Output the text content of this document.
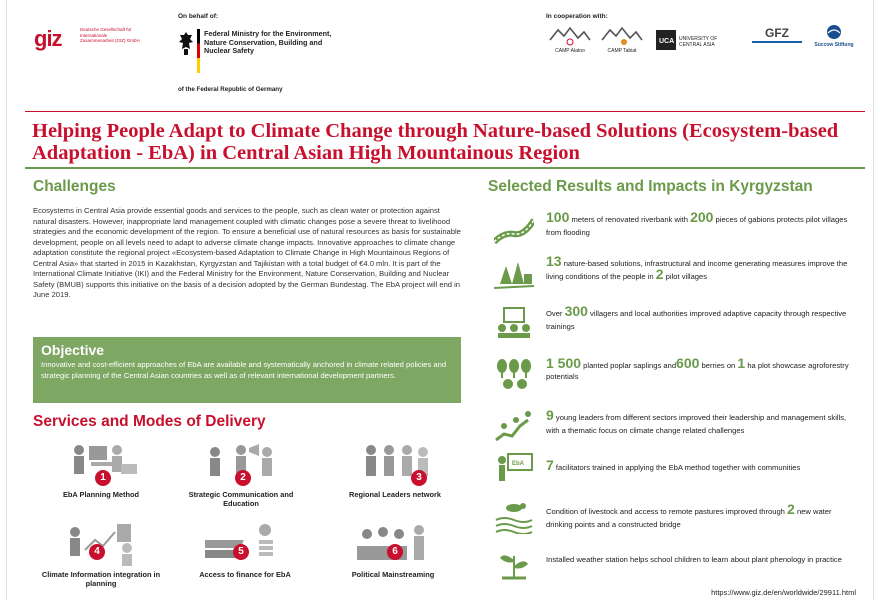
giz	Deutsche Gesellschaft für Internationale Zusammenarbeit (GIZ) GmbH
On behalf of:
Federal Ministry for the Environment, Nature Conservation, Building and Nuclear Safety
of the Federal Republic of Germany
In cooperation with:
CAMP Alatoo	CAMP Tabiat
UCA UNIVERSITY OF CENTRAL ASIA
GFZ
Succow Stiftung
Helping People Adapt to Climate Change through Nature-based Solutions (Ecosystem-based Adaptation - EbA) in Central Asian High Mountainous Region
Challenges
Ecosystems in Central Asia provide essential goods and services to the people, such as clean water or protection against natural disasters. However, inappropriate land management coupled with climatic changes pose a severe threat to livelihood strategies and the economic development of the region. To ensure a beneficial use of natural resources as basis for sustainable development, people on all levels need to adapt to adverse climate change impacts. Innovative approaches to climate change adaptation constitute the regional project «Ecosystem-based Adaptation to Climate Change in High Mountainous Regions of Central Asia» that started in 2015 in Kazakhstan, Kyrgyzstan and Tajikistan with a total budget of €4.0 mln. It is part of the International Climate Initiative (IKI) and the Federal Ministry for the Environment, Nature Conservation, Building and Nuclear Safety (BMUB) supports this initiative on the basis of a decision adopted by the German Bundestag. The EbA project will end in June 2019.
Objective

Innovative and cost-efficient approaches of EbA are available and systematically anchored in climate related policies and strategic planning of the Central Asian countries as well as of relevant international development partners.

Services and Modes of Delivery
1
EbA Planning Method
2
Strategic Communication and Education
3
Regional Leaders network
4
Climate Information integration in planning
5
Access to finance for EbA
6
Political Mainstreaming
Selected Results and Impacts in Kyrgyzstan
100 meters of renovated riverbank with 200 pieces of gabions protects pilot villages from flooding
13 nature-based solutions, infrastructural and income generating measures improve the living conditions of the people in 2 pilot villages
Over 300 villagers and local authorities improved adaptive capacity through respective trainings
1 500 planted poplar saplings and600 berries on 1 ha plot showcase agroforestry potentials
9 young leaders from different sectors improved their leadership and management skills, with a thematic focus on climate change related challenges
EbA 7 facilitators trained in applying the EbA method together with communities
Condition of livestock and access to remote pastures improved through 2 new water drinking points and a constructed bridge
Installed weather station helps school children to learn about plant phenology in practice
https://www.giz.de/en/worldwide/29911.html
